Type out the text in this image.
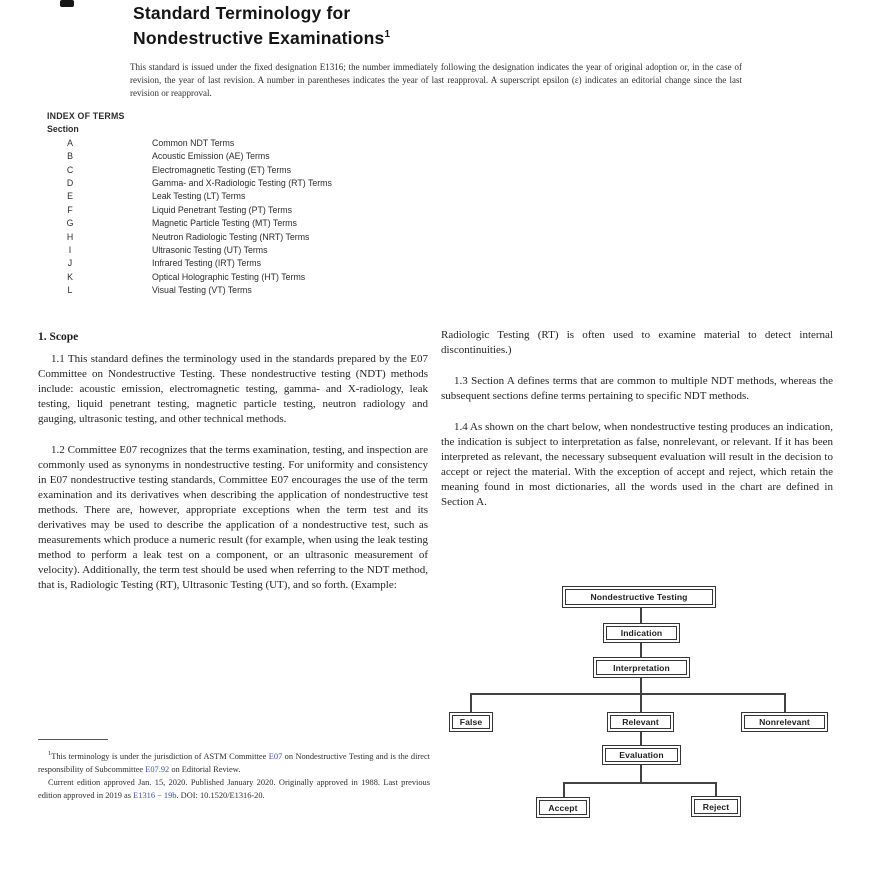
Standard Terminology for
Nondestructive Examinations$^1$
This standard is issued under the fixed designation E1316; the number immediately following the designation indicates the year of original adoption or, in the case of revision, the year of last revision. A number in parentheses indicates the year of last reapproval. A superscript epsilon (ε) indicates an editorial change since the last revision or reapproval.
INDEX OF TERMS
Section
A	Common NDT Terms
B	Acoustic Emission (AE) Terms
C	Electromagnetic Testing (ET) Terms
D	Gamma- and X-Radiologic Testing (RT) Terms
E	Leak Testing (LT) Terms
F	Liquid Penetrant Testing (PT) Terms
G	Magnetic Particle Testing (MT) Terms
H	Neutron Radiologic Testing (NRT) Terms
I	Ultrasonic Testing (UT) Terms
J	Infrared Testing (IRT) Terms
K	Optical Holographic Testing (HT) Terms
L	Visual Testing (VT) Terms
1. Scope

1.1 This standard defines the terminology used in the standards prepared by the E07 Committee on Nondestructive Testing. These nondestructive testing (NDT) methods include: acoustic emission, electromagnetic testing, gamma- and X-radiology, leak testing, liquid penetrant testing, magnetic particle testing, neutron radiology and gauging, ultrasonic testing, and other technical methods.

1.2 Committee E07 recognizes that the terms examination, testing, and inspection are commonly used as synonyms in nondestructive testing. For uniformity and consistency in E07 nondestructive testing standards, Committee E07 encourages the use of the term examination and its derivatives when describing the application of nondestructive test methods. There are, however, appropriate exceptions when the term test and its derivatives may be used to describe the application of a nondestructive test, such as measurements which produce a numeric result (for example, when using the leak testing method to perform a leak test on a component, or an ultrasonic measurement of velocity). Additionally, the term test should be used when referring to the NDT method, that is, Radiologic Testing (RT), Ultrasonic Testing (UT), and so forth. (Example:

Radiologic Testing (RT) is often used to examine material to detect internal discontinuities.)

1.3 Section A defines terms that are common to multiple NDT methods, whereas the subsequent sections define terms pertaining to specific NDT methods.

1.4 As shown on the chart below, when nondestructive testing produces an indication, the indication is subject to interpretation as false, nonrelevant, or relevant. If it has been interpreted as relevant, the necessary subsequent evaluation will result in the decision to accept or reject the material. With the exception of accept and reject, which retain the meaning found in most dictionaries, all the words used in the chart are defined in Section A.

$^1$This terminology is under the jurisdiction of ASTM Committee E07 on Nondestructive Testing and is the direct responsibility of Subcommittee E07.92 on Editorial Review.

Current edition approved Jan. 15, 2020. Published January 2020. Originally approved in 1988. Last previous edition approved in 2019 as E1316 − 19b. DOI: 10.1520/E1316-20.

Nondestructive Testing
Indication
Interpretation
False	Relevant	Nonrelevant
Evaluation
Accept	Reject
